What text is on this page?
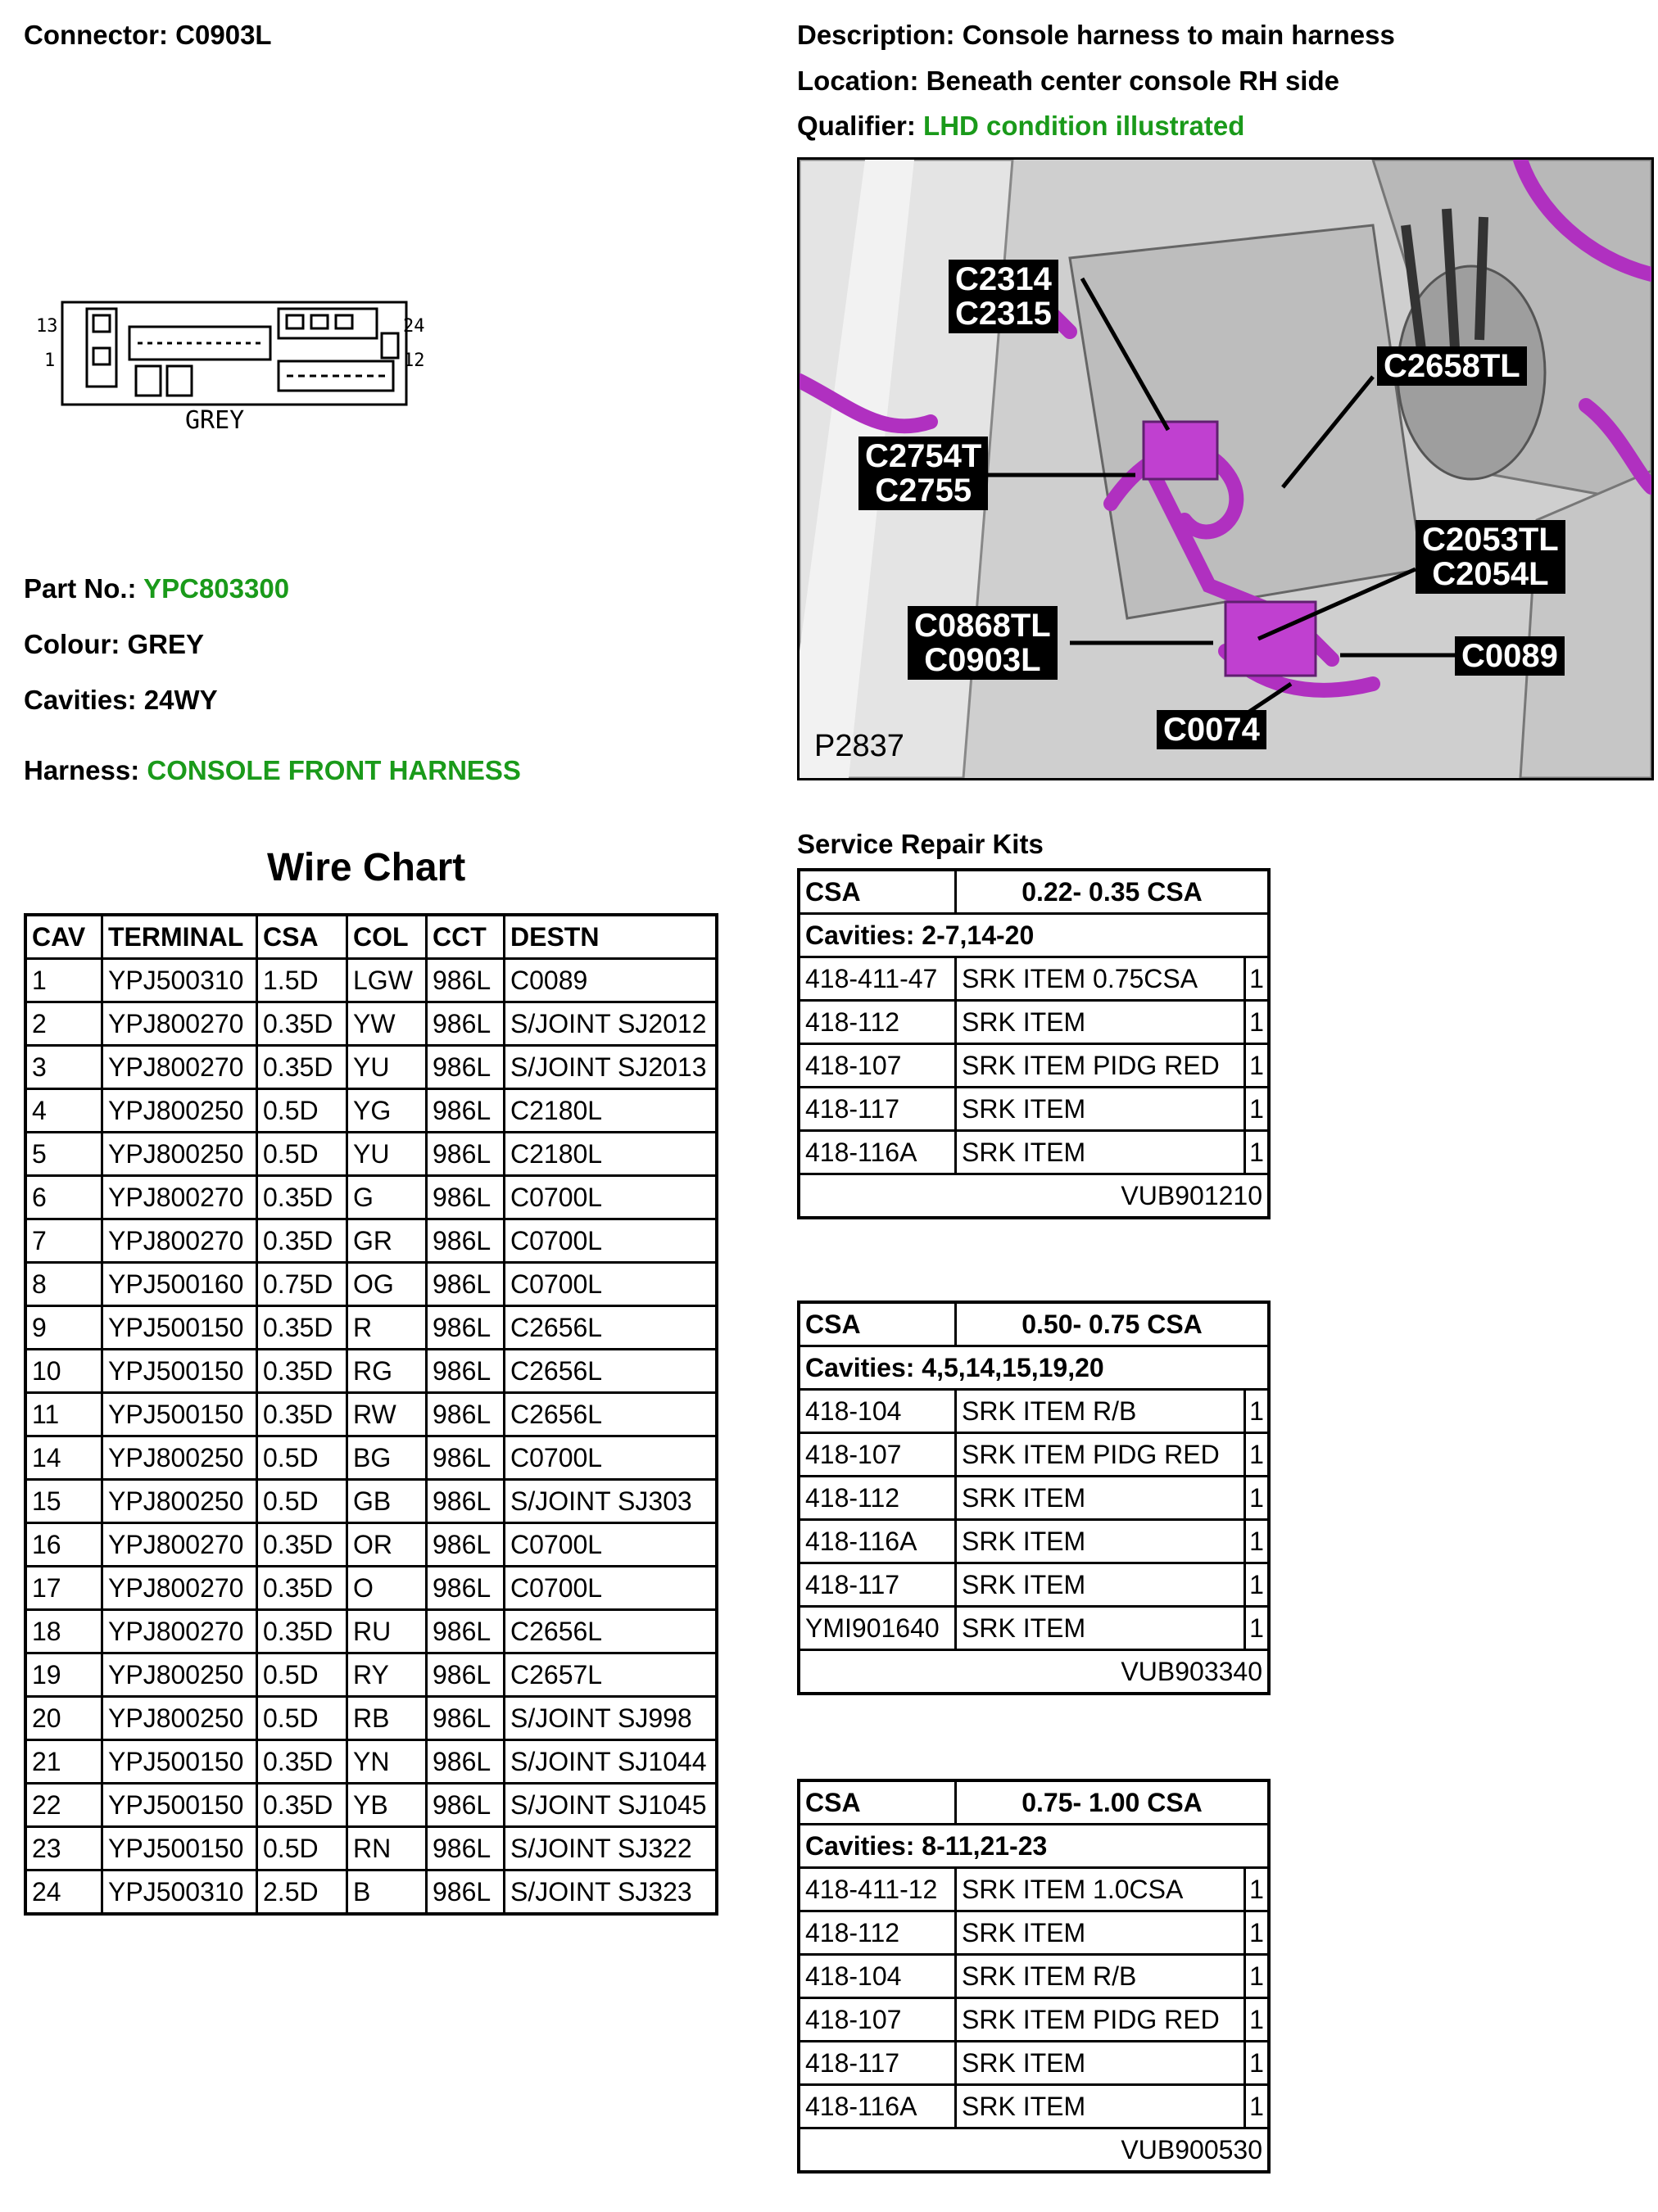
Connector: C0903L	Description: Console harness to main harness
Location: Beneath center console RH side
Qualifier: LHD condition illustrated
13
1
24
12
GREY
Part No.: YPC803300
Colour: GREY
Cavities: 24WY
Harness: CONSOLE FRONT HARNESS
P2837
C2314
C2315
C2658TL
C2754T
C2755
C2053TL
C2054L
C0868TL
C0903L	C0089
C0074
Wire Chart
CAV	TERMINAL	CSA	COL	CCT	DESTN
1	YPJ500310	1.5D	LGW	986L	C0089
2	YPJ800270	0.35D	YW	986L	S/JOINT SJ2012
3	YPJ800270	0.35D	YU	986L	S/JOINT SJ2013
4	YPJ800250	0.5D	YG	986L	C2180L
5	YPJ800250	0.5D	YU	986L	C2180L
6	YPJ800270	0.35D	G	986L	C0700L
7	YPJ800270	0.35D	GR	986L	C0700L
8	YPJ500160	0.75D	OG	986L	C0700L
9	YPJ500150	0.35D	R	986L	C2656L
10	YPJ500150	0.35D	RG	986L	C2656L
11	YPJ500150	0.35D	RW	986L	C2656L
14	YPJ800250	0.5D	BG	986L	C0700L
15	YPJ800250	0.5D	GB	986L	S/JOINT SJ303
16	YPJ800270	0.35D	OR	986L	C0700L
17	YPJ800270	0.35D	O	986L	C0700L
18	YPJ800270	0.35D	RU	986L	C2656L
19	YPJ800250	0.5D	RY	986L	C2657L
20	YPJ800250	0.5D	RB	986L	S/JOINT SJ998
21	YPJ500150	0.35D	YN	986L	S/JOINT SJ1044
22	YPJ500150	0.35D	YB	986L	S/JOINT SJ1045
23	YPJ500150	0.5D	RN	986L	S/JOINT SJ322
24	YPJ500310	2.5D	B	986L	S/JOINT SJ323
Service Repair Kits
CSA	0.22- 0.35 CSA	
Cavities: 2-7,14-20		
418-411-47	SRK ITEM 0.75CSA	1
418-112	SRK ITEM	1
418-107	SRK ITEM PIDG RED	1
418-117	SRK ITEM	1
418-116A	SRK ITEM	1
VUB901210		
CSA	0.50- 0.75 CSA	
Cavities: 4,5,14,15,19,20		
418-104	SRK ITEM R/B	1
418-107	SRK ITEM PIDG RED	1
418-112	SRK ITEM	1
418-116A	SRK ITEM	1
418-117	SRK ITEM	1
YMI901640	SRK ITEM	1
VUB903340		
CSA	0.75- 1.00 CSA	
Cavities: 8-11,21-23		
418-411-12	SRK ITEM 1.0CSA	1
418-112	SRK ITEM	1
418-104	SRK ITEM R/B	1
418-107	SRK ITEM PIDG RED	1
418-117	SRK ITEM	1
418-116A	SRK ITEM	1
VUB900530		
